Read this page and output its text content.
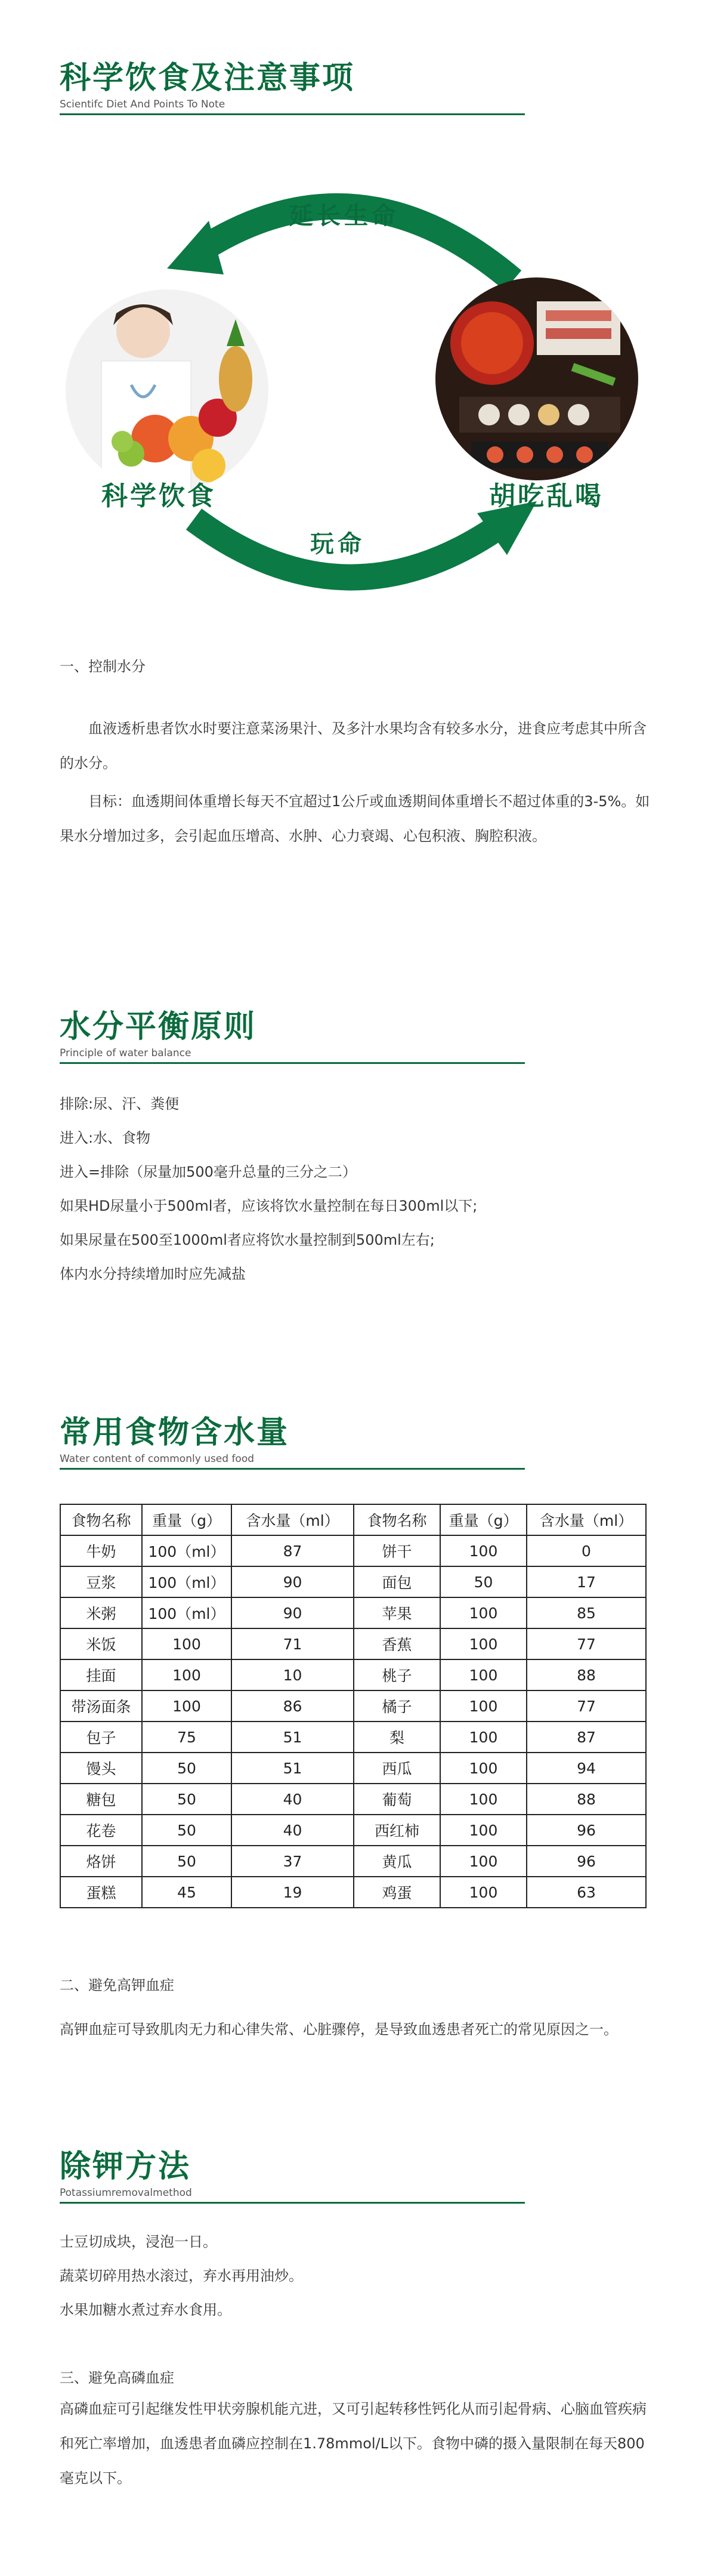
科学饮食及注意事项
Scientifc Diet And Points To Note
延长生命
科学饮食	胡吃乱喝
玩命
一、控制水分
血液透析患者饮水时要注意菜汤果汁、及多汁水果均含有较多水分，进食应考虑其中所含的水分。
目标：血透期间体重增长每天不宜超过1公斤或血透期间体重增长不超过体重的3-5%。如果水分增加过多，会引起血压增高、水肿、心力衰竭、心包积液、胸腔积液。
水分平衡原则
Principle of water balance
排除:尿、汗、粪便
进入:水、食物
进入=排除（尿量加500毫升总量的三分之二）
如果HD尿量小于500ml者，应该将饮水量控制在每日300ml以下;
如果尿量在500至1000ml者应将饮水量控制到500ml左右;
体内水分持续增加时应先减盐
常用食物含水量
Water content of commonly used food
食物名称	重量（g）	含水量（ml）	食物名称	重量（g）	含水量（ml）
牛奶	100（ml）	87	饼干	100	0
豆浆	100（ml）	90	面包	50	17
米粥	100（ml）	90	苹果	100	85
米饭	100	71	香蕉	100	77
挂面	100	10	桃子	100	88
带汤面条	100	86	橘子	100	77
包子	75	51	梨	100	87
馒头	50	51	西瓜	100	94
糖包	50	40	葡萄	100	88
花卷	50	40	西红柿	100	96
烙饼	50	37	黄瓜	100	96
蛋糕	45	19	鸡蛋	100	63
二、避免高钾血症
高钾血症可导致肌肉无力和心律失常、心脏骤停，是导致血透患者死亡的常见原因之一。
除钾方法
Potassiumremovalmethod
士豆切成块，浸泡一日。
蔬菜切碎用热水滚过，弃水再用油炒。
水果加糖水煮过弃水食用。
三、避免高磷血症
高磷血症可引起继发性甲状旁腺机能亢进，又可引起转移性钙化从而引起骨病、心脑血管疾病和死亡率增加，血透患者血磷应控制在1.78mmol/L以下。食物中磷的摄入量限制在每天800毫克以下。
